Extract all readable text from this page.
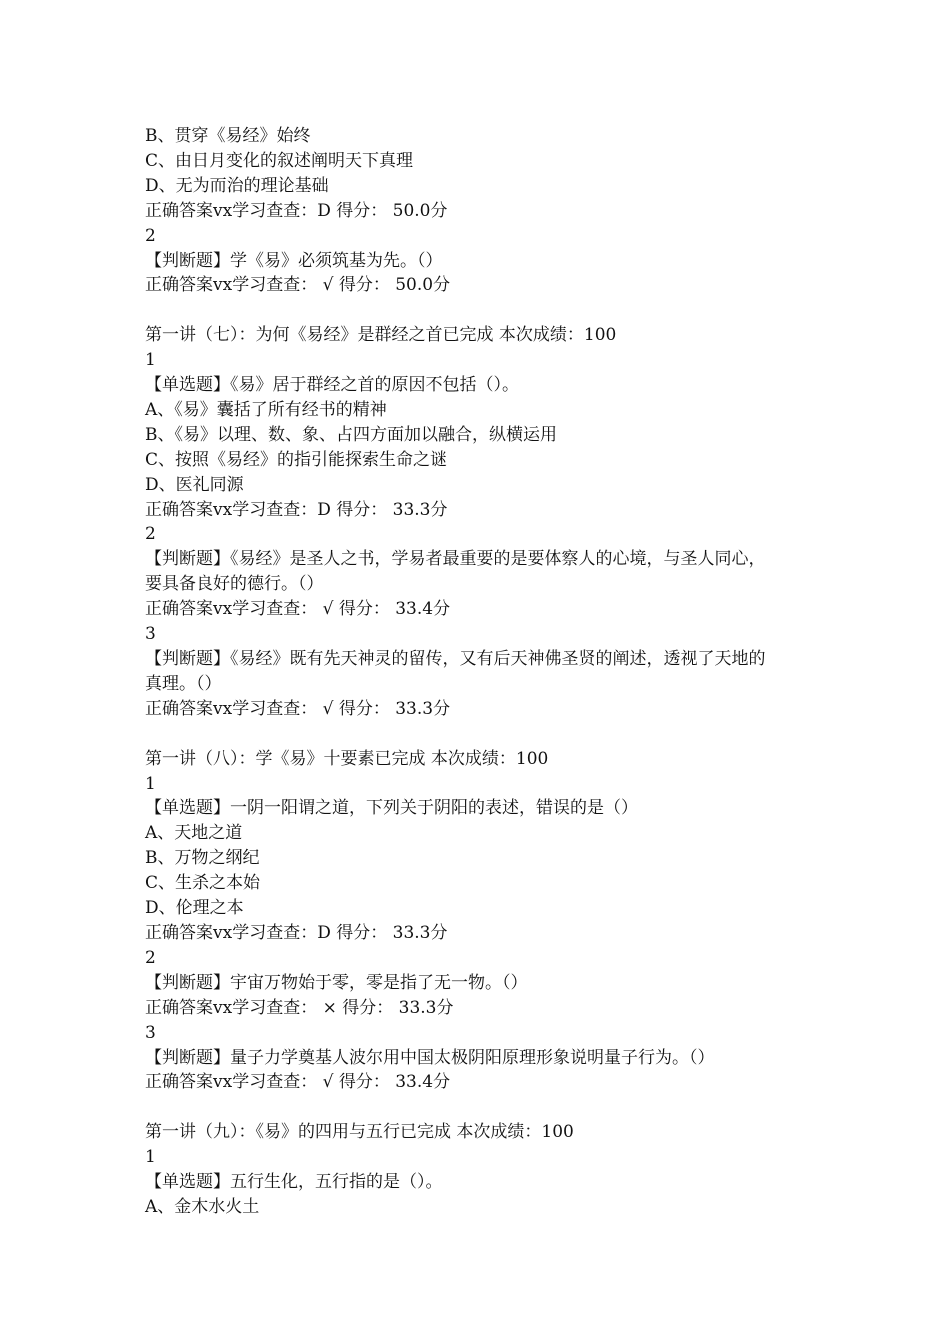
B、贯穿《易经》始终
C、由日月变化的叙述阐明天下真理
D、无为而治的理论基础
正确答案vx学习查查：D 得分： 50.0分
2
【判断题】学《易》必须筑基为先。（）
正确答案vx学习查查： √ 得分： 50.0分
第一讲（七）：为何《易经》是群经之首已完成 本次成绩：100
1
【单选题】《易》居于群经之首的原因不包括（）。
A、《易》囊括了所有经书的精神
B、《易》以理、数、象、占四方面加以融合，纵横运用
C、按照《易经》的指引能探索生命之谜
D、医礼同源
正确答案vx学习查查：D 得分： 33.3分
2
【判断题】《易经》是圣人之书，学易者最重要的是要体察人的心境，与圣人同心，
要具备良好的德行。（）
正确答案vx学习查查： √ 得分： 33.4分
3
【判断题】《易经》既有先天神灵的留传，又有后天神佛圣贤的阐述，透视了天地的
真理。（）
正确答案vx学习查查： √ 得分： 33.3分
第一讲（八）：学《易》十要素已完成 本次成绩：100
1
【单选题】一阴一阳谓之道，下列关于阴阳的表述，错误的是（）
A、天地之道
B、万物之纲纪
C、生杀之本始
D、伦理之本
正确答案vx学习查查：D 得分： 33.3分
2
【判断题】宇宙万物始于零，零是指了无一物。（）
正确答案vx学习查查： × 得分： 33.3分
3
【判断题】量子力学奠基人波尔用中国太极阴阳原理形象说明量子行为。（）
正确答案vx学习查查： √ 得分： 33.4分
第一讲（九）：《易》的四用与五行已完成 本次成绩：100
1
【单选题】五行生化，五行指的是（）。
A、金木水火土
